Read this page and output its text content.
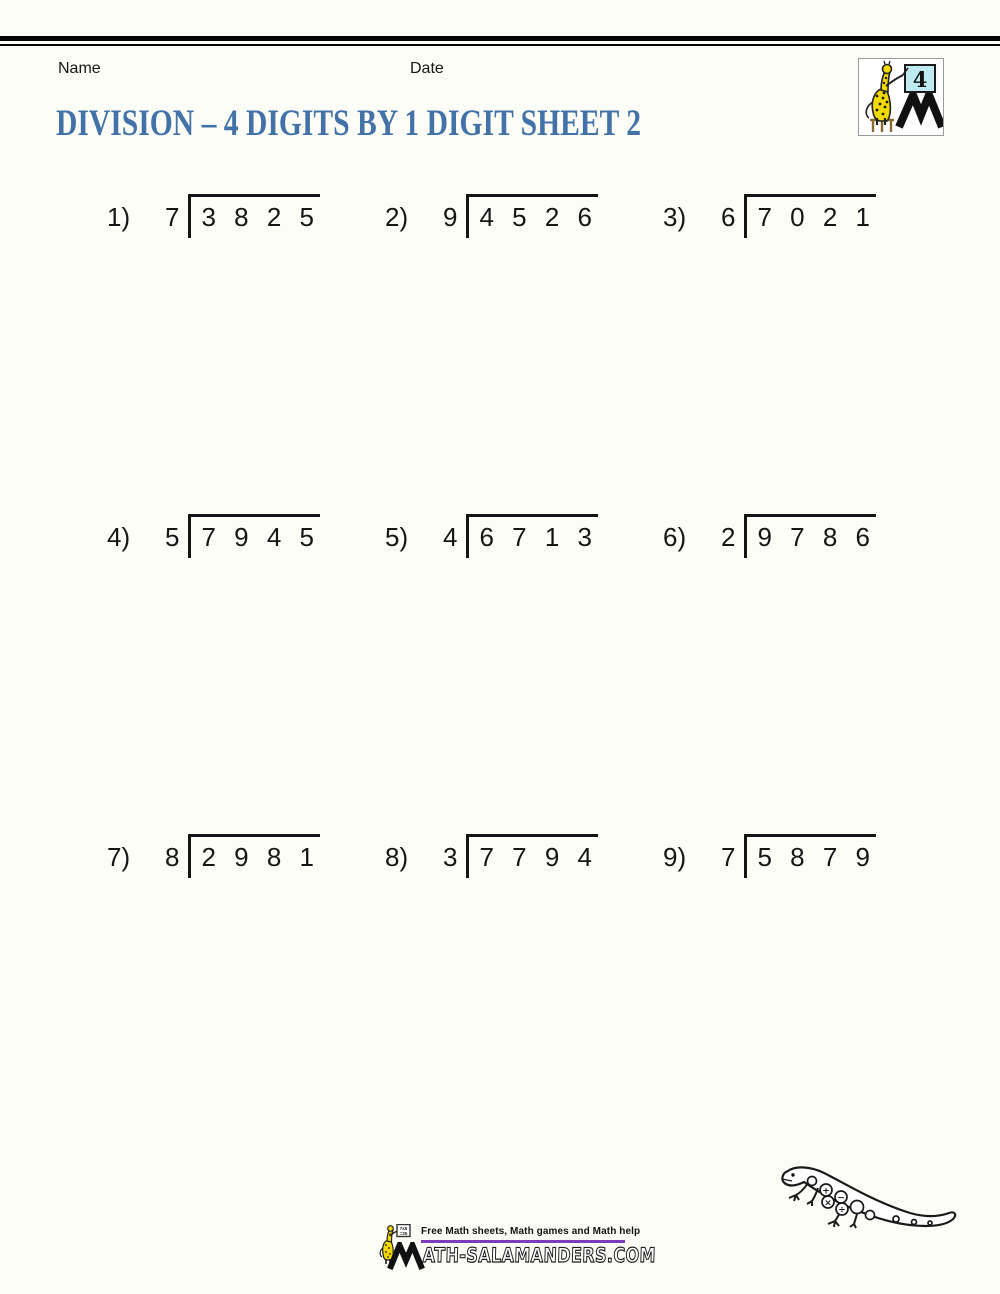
Name	Date	4
DIVISION – 4 DIGITS BY 1 DIGIT SHEET 2
1)	7 3 8 2 5	2)	9 4 5 2 6	3)	6 7 0 2 1
4)	5 7 9 4 5	5)	4 6 7 1 3	6)	2 9 7 8 6
7)	8 2 9 8 1	8)	3 7 7 9 4	9)	7 5 8 7 9
+
−
×
÷
7x5
=35 Free Math sheets, Math games and Math help
ATH-SALAMANDERS.COM
